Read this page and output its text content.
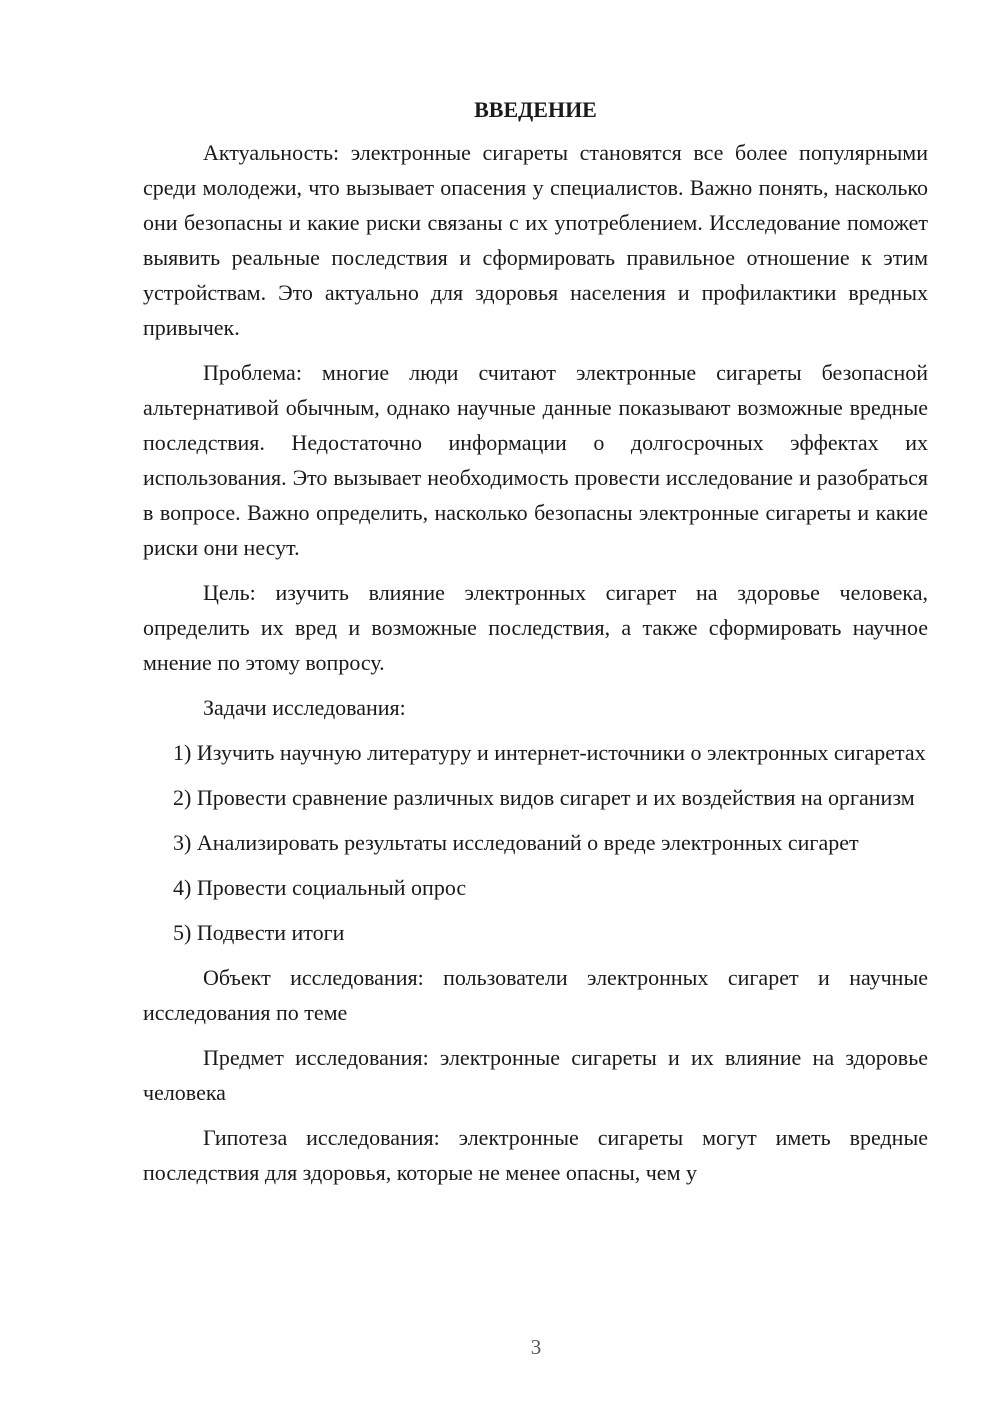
ВВЕДЕНИЕ

Актуальность: электронные сигареты становятся все более популярными среди молодежи, что вызывает опасения у специалистов. Важно понять, насколько они безопасны и какие риски связаны с их употреблением. Исследование поможет выявить реальные последствия и сформировать правильное отношение к этим устройствам. Это актуально для здоровья населения и профилактики вредных привычек.

Проблема: многие люди считают электронные сигареты безопасной альтернативой обычным, однако научные данные показывают возможные вредные последствия. Недостаточно информации о долгосрочных эффектах их использования. Это вызывает необходимость провести исследование и разобраться в вопросе. Важно определить, насколько безопасны электронные сигареты и какие риски они несут.

Цель: изучить влияние электронных сигарет на здоровье человека, определить их вред и возможные последствия, а также сформировать научное мнение по этому вопросу.

Задачи исследования:

1) Изучить научную литературу и интернет-источники о электронных сигаретах

2) Провести сравнение различных видов сигарет и их воздействия на организм

3) Анализировать результаты исследований о вреде электронных сигарет

4) Провести социальный опрос

5) Подвести итоги

Объект исследования: пользователи электронных сигарет и научные исследования по теме

Предмет исследования: электронные сигареты и их влияние на здоровье человека

Гипотеза исследования: электронные сигареты могут иметь вредные последствия для здоровья, которые не менее опасны, чем у

3
